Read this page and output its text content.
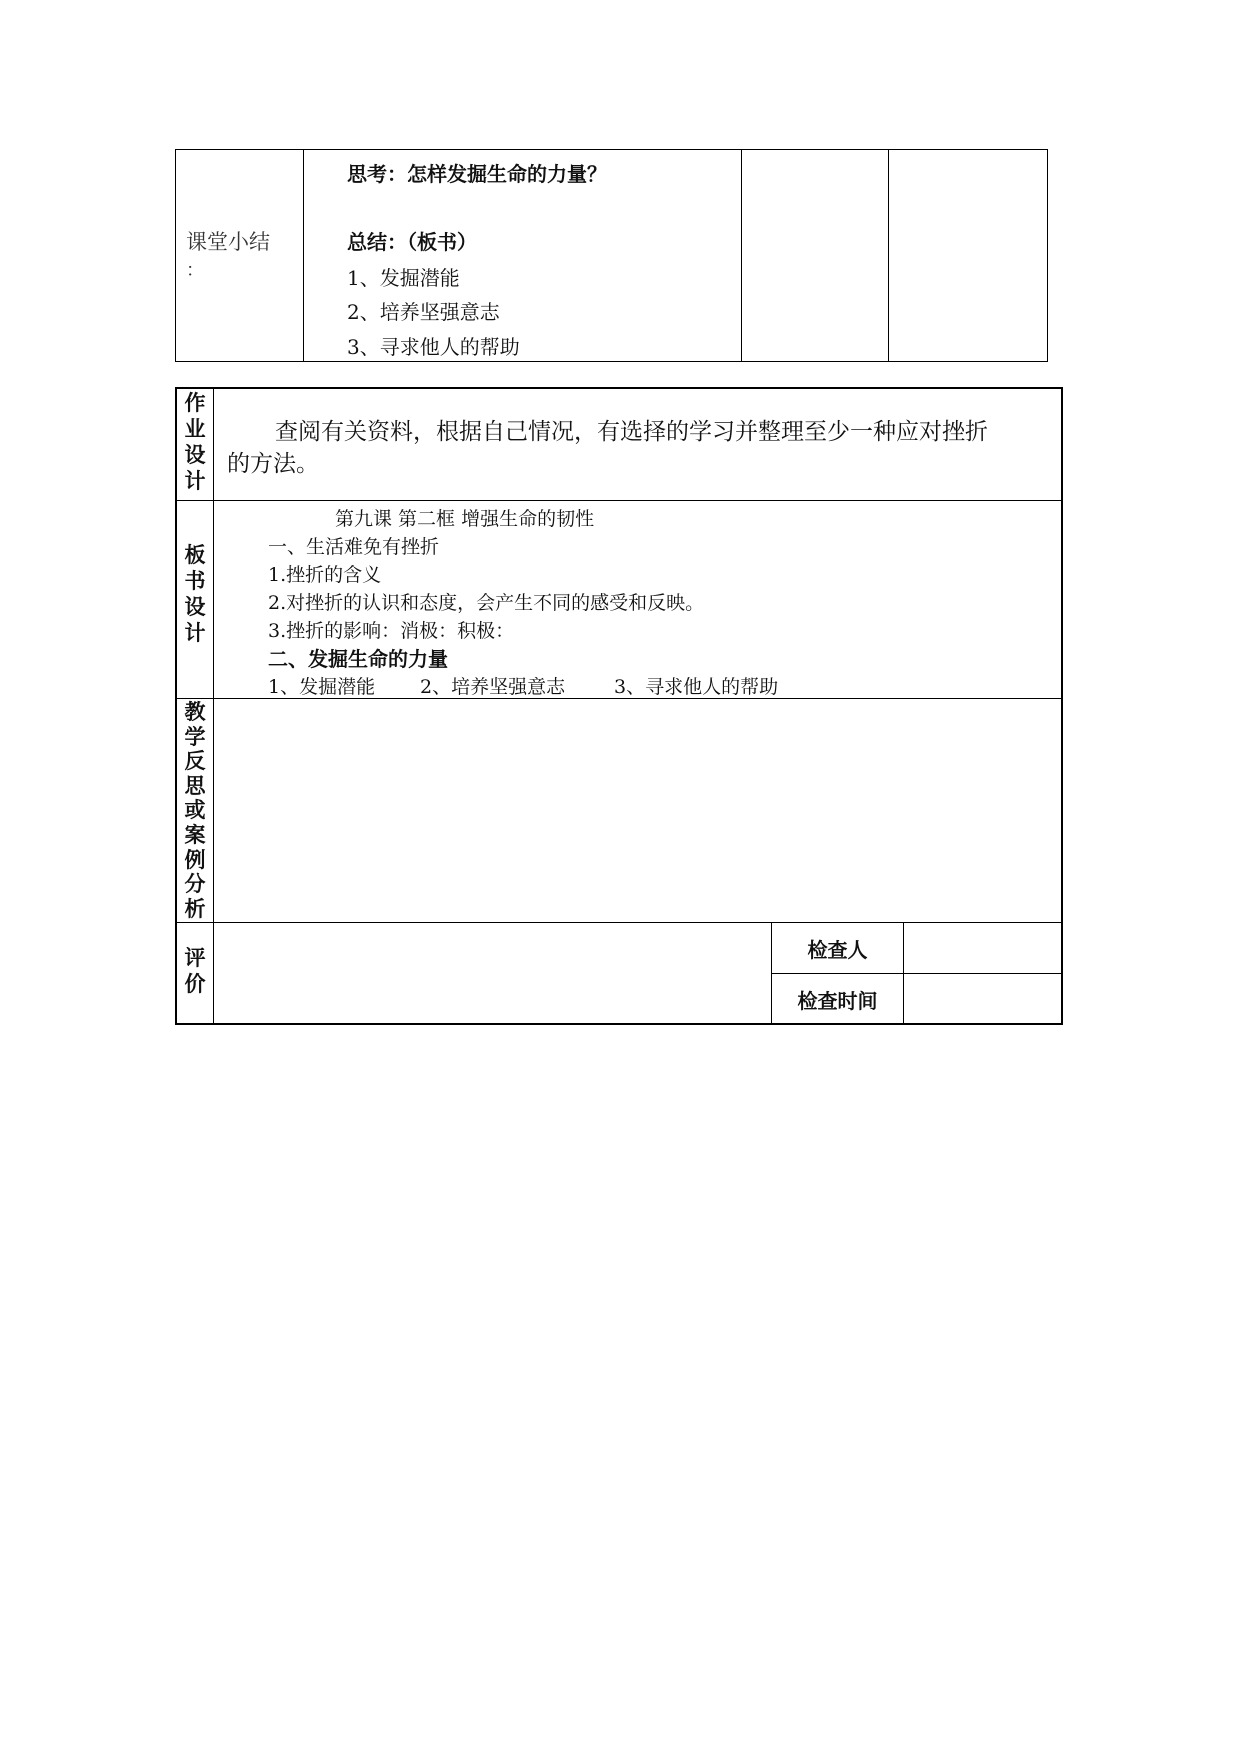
课堂小结
：
思考：怎样发掘生命的力量？
总结：（板书）
1、发掘潜能
2、培养坚强意志
3、寻求他人的帮助
作
业
设
计
查阅有关资料，根据自己情况，有选择的学习并整理至少一种应对挫折
的方法。
板
书
设
计
第九课 第二框 增强生命的韧性
一、生活难免有挫折
1.挫折的含义
2.对挫折的认识和态度，会产生不同的感受和反映。
3.挫折的影响：消极：积极：
二、发掘生命的力量
1、发掘潜能 2、培养坚强意志	3、寻求他人的帮助
教
学
反
思
或
案
例
分
析
评
价
检查人
检查时间
